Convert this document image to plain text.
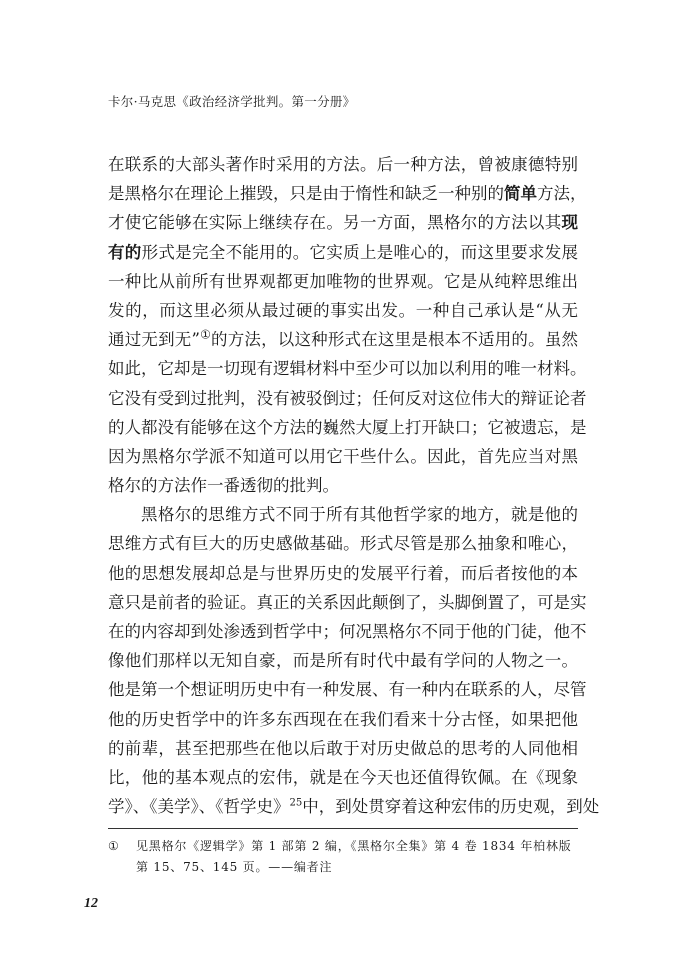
卡尔·马克思《政治经济学批判。第一分册》
在联系的大部头著作时采用的方法。后一种方法，曾被康德特别
是黑格尔在理论上摧毁，只是由于惰性和缺乏一种别的简单方法，
才使它能够在实际上继续存在。另一方面，黑格尔的方法以其现
有的形式是完全不能用的。它实质上是唯心的，而这里要求发展
一种比从前所有世界观都更加唯物的世界观。它是从纯粹思维出
发的，而这里必须从最过硬的事实出发。一种自己承认是“从无
通过无到无”①的方法，以这种形式在这里是根本不适用的。虽然
如此，它却是一切现有逻辑材料中至少可以加以利用的唯一材料。
它没有受到过批判，没有被驳倒过；任何反对这位伟大的辩证论者
的人都没有能够在这个方法的巍然大厦上打开缺口；它被遗忘，是
因为黑格尔学派不知道可以用它干些什么。因此，首先应当对黑
格尔的方法作一番透彻的批判。
黑格尔的思维方式不同于所有其他哲学家的地方，就是他的
思维方式有巨大的历史感做基础。形式尽管是那么抽象和唯心，
他的思想发展却总是与世界历史的发展平行着，而后者按他的本
意只是前者的验证。真正的关系因此颠倒了，头脚倒置了，可是实
在的内容却到处渗透到哲学中；何况黑格尔不同于他的门徒，他不
像他们那样以无知自豪，而是所有时代中最有学问的人物之一。
他是第一个想证明历史中有一种发展、有一种内在联系的人，尽管
他的历史哲学中的许多东西现在在我们看来十分古怪，如果把他
的前辈，甚至把那些在他以后敢于对历史做总的思考的人同他相
比，他的基本观点的宏伟，就是在今天也还值得钦佩。在《现象
学》、《美学》、《哲学史》$^{25}$中，到处贯穿着这种宏伟的历史观，到处
① 见黑格尔《逻辑学》第 1 部第 2 编，《黑格尔全集》第 4 卷 1834 年柏林版
第 15、75、145 页。——编者注
12
